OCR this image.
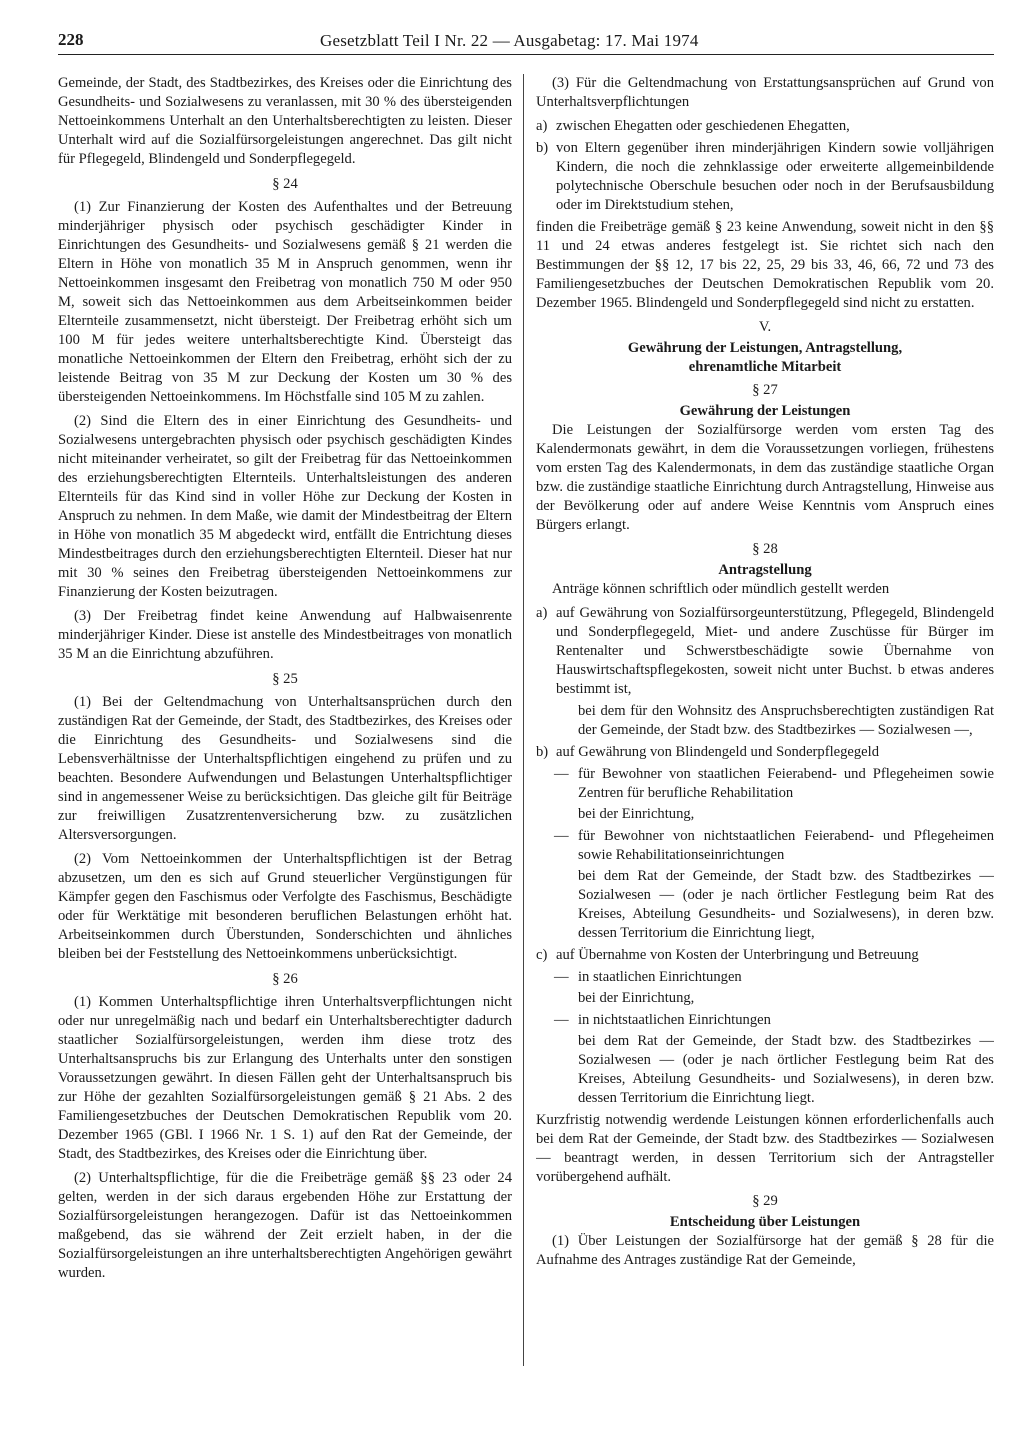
228	Gesetzblatt Teil I Nr. 22 — Ausgabetag: 17. Mai 1974

Gemeinde, der Stadt, des Stadtbezirkes, des Kreises oder die Einrichtung des Gesundheits- und Sozialwesens zu veranlassen, mit 30 % des übersteigenden Nettoeinkommens Unterhalt an den Unterhaltsberechtigten zu leisten. Dieser Unterhalt wird auf die Sozialfürsorgeleistungen angerechnet. Das gilt nicht für Pflegegeld, Blindengeld und Sonderpflegegeld.

§ 24

(1) Zur Finanzierung der Kosten des Aufenthaltes und der Betreuung minderjähriger physisch oder psychisch geschädigter Kinder in Einrichtungen des Gesundheits- und Sozialwesens gemäß § 21 werden die Eltern in Höhe von monatlich 35 M in Anspruch genommen, wenn ihr Nettoeinkommen insgesamt den Freibetrag von monatlich 750 M oder 950 M, soweit sich das Nettoeinkommen aus dem Arbeitseinkommen beider Elternteile zusammensetzt, nicht übersteigt. Der Freibetrag erhöht sich um 100 M für jedes weitere unterhaltsberechtigte Kind. Übersteigt das monatliche Nettoeinkommen der Eltern den Freibetrag, erhöht sich der zu leistende Beitrag von 35 M zur Deckung der Kosten um 30 % des übersteigenden Nettoeinkommens. Im Höchstfalle sind 105 M zu zahlen.

(2) Sind die Eltern des in einer Einrichtung des Gesundheits- und Sozialwesens untergebrachten physisch oder psychisch geschädigten Kindes nicht miteinander verheiratet, so gilt der Freibetrag für das Nettoeinkommen des erziehungsberechtigten Elternteils. Unterhaltsleistungen des anderen Elternteils für das Kind sind in voller Höhe zur Deckung der Kosten in Anspruch zu nehmen. In dem Maße, wie damit der Mindestbeitrag der Eltern in Höhe von monatlich 35 M abgedeckt wird, entfällt die Entrichtung dieses Mindestbeitrages durch den erziehungsberechtigten Elternteil. Dieser hat nur mit 30 % seines den Freibetrag übersteigenden Nettoeinkommens zur Finanzierung der Kosten beizutragen.

(3) Der Freibetrag findet keine Anwendung auf Halbwaisenrente minderjähriger Kinder. Diese ist anstelle des Mindestbeitrages von monatlich 35 M an die Einrichtung abzuführen.

§ 25

(1) Bei der Geltendmachung von Unterhaltsansprüchen durch den zuständigen Rat der Gemeinde, der Stadt, des Stadtbezirkes, des Kreises oder die Einrichtung des Gesundheits- und Sozialwesens sind die Lebensverhältnisse der Unterhaltspflichtigen eingehend zu prüfen und zu beachten. Besondere Aufwendungen und Belastungen Unterhaltspflichtiger sind in angemessener Weise zu berücksichtigen. Das gleiche gilt für Beiträge zur freiwilligen Zusatzrentenversicherung bzw. zu zusätzlichen Altersversorgungen.

(2) Vom Nettoeinkommen der Unterhaltspflichtigen ist der Betrag abzusetzen, um den es sich auf Grund steuerlicher Vergünstigungen für Kämpfer gegen den Faschismus oder Verfolgte des Faschismus, Beschädigte oder für Werktätige mit besonderen beruflichen Belastungen erhöht hat. Arbeitseinkommen durch Überstunden, Sonderschichten und ähnliches bleiben bei der Feststellung des Nettoeinkommens unberücksichtigt.

§ 26

(1) Kommen Unterhaltspflichtige ihren Unterhaltsverpflichtungen nicht oder nur unregelmäßig nach und bedarf ein Unterhaltsberechtigter dadurch staatlicher Sozialfürsorgeleistungen, werden ihm diese trotz des Unterhaltsanspruchs bis zur Erlangung des Unterhalts unter den sonstigen Voraussetzungen gewährt. In diesen Fällen geht der Unterhaltsanspruch bis zur Höhe der gezahlten Sozialfürsorgeleistungen gemäß § 21 Abs. 2 des Familiengesetzbuches der Deutschen Demokratischen Republik vom 20. Dezember 1965 (GBl. I 1966 Nr. 1 S. 1) auf den Rat der Gemeinde, der Stadt, des Stadtbezirkes, des Kreises oder die Einrichtung über.

(2) Unterhaltspflichtige, für die die Freibeträge gemäß §§ 23 oder 24 gelten, werden in der sich daraus ergebenden Höhe zur Erstattung der Sozialfürsorgeleistungen herangezogen. Dafür ist das Nettoeinkommen maßgebend, das sie während der Zeit erzielt haben, in der die Sozialfürsorgeleistungen an ihre unterhaltsberechtigten Angehörigen gewährt wurden.

(3) Für die Geltendmachung von Erstattungsansprüchen auf Grund von Unterhaltsverpflichtungen

a) zwischen Ehegatten oder geschiedenen Ehegatten,
b) von Eltern gegenüber ihren minderjährigen Kindern sowie volljährigen Kindern, die noch die zehnklassige oder erweiterte allgemeinbildende polytechnische Oberschule besuchen oder noch in der Berufsausbildung oder im Direktstudium stehen,

finden die Freibeträge gemäß § 23 keine Anwendung, soweit nicht in den §§ 11 und 24 etwas anderes festgelegt ist. Sie richtet sich nach den Bestimmungen der §§ 12, 17 bis 22, 25, 29 bis 33, 46, 66, 72 und 73 des Familiengesetzbuches der Deutschen Demokratischen Republik vom 20. Dezember 1965. Blindengeld und Sonderpflegegeld sind nicht zu erstatten.

V.
Gewährung der Leistungen, Antragstellung,
ehrenamtliche Mitarbeit
§ 27
Gewährung der Leistungen

Die Leistungen der Sozialfürsorge werden vom ersten Tag des Kalendermonats gewährt, in dem die Voraussetzungen vorliegen, frühestens vom ersten Tag des Kalendermonats, in dem das zuständige staatliche Organ bzw. die zuständige staatliche Einrichtung durch Antragstellung, Hinweise aus der Bevölkerung oder auf andere Weise Kenntnis vom Anspruch eines Bürgers erlangt.

§ 28
Antragstellung

Anträge können schriftlich oder mündlich gestellt werden

a) auf Gewährung von Sozialfürsorgeunterstützung, Pflegegeld, Blindengeld und Sonderpflegegeld, Miet- und andere Zuschüsse für Bürger im Rentenalter und Schwerstbeschädigte sowie Übernahme von Hauswirtschaftspflegekosten, soweit nicht unter Buchst. b etwas anderes bestimmt ist,
bei dem für den Wohnsitz des Anspruchsberechtigten zuständigen Rat der Gemeinde, der Stadt bzw. des Stadtbezirkes — Sozialwesen —,
b) auf Gewährung von Blindengeld und Sonderpflegegeld
— für Bewohner von staatlichen Feierabend- und Pflegeheimen sowie Zentren für berufliche Rehabilitation
bei der Einrichtung,
— für Bewohner von nichtstaatlichen Feierabend- und Pflegeheimen sowie Rehabilitationseinrichtungen
bei dem Rat der Gemeinde, der Stadt bzw. des Stadtbezirkes — Sozialwesen — (oder je nach örtlicher Festlegung beim Rat des Kreises, Abteilung Gesundheits- und Sozialwesens), in deren bzw. dessen Territorium die Einrichtung liegt,
c) auf Übernahme von Kosten der Unterbringung und Betreuung
— in staatlichen Einrichtungen
bei der Einrichtung,
— in nichtstaatlichen Einrichtungen
bei dem Rat der Gemeinde, der Stadt bzw. des Stadtbezirkes — Sozialwesen — (oder je nach örtlicher Festlegung beim Rat des Kreises, Abteilung Gesundheits- und Sozialwesens), in deren bzw. dessen Territorium die Einrichtung liegt.

Kurzfristig notwendig werdende Leistungen können erforderlichenfalls auch bei dem Rat der Gemeinde, der Stadt bzw. des Stadtbezirkes — Sozialwesen — beantragt werden, in dessen Territorium sich der Antragsteller vorübergehend aufhält.

§ 29
Entscheidung über Leistungen

(1) Über Leistungen der Sozialfürsorge hat der gemäß § 28 für die Aufnahme des Antrages zuständige Rat der Gemeinde,
